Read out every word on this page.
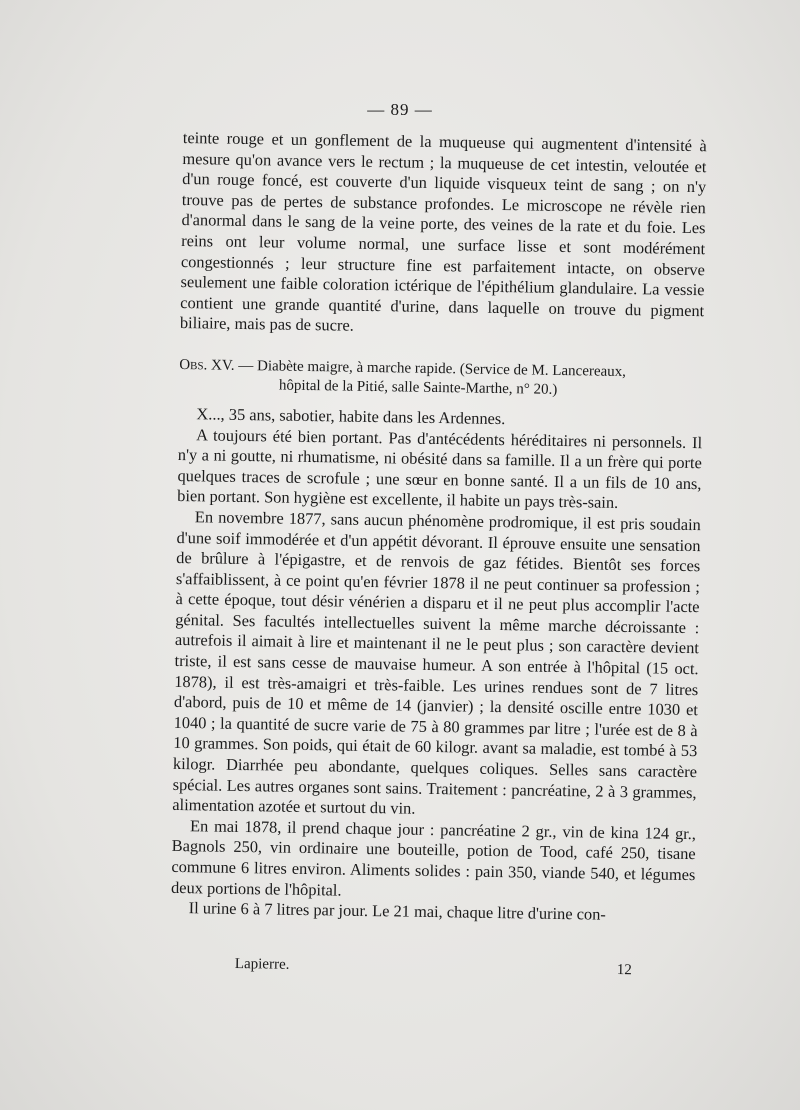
— 89 —

teinte rouge et un gonflement de la muqueuse qui augmentent d'intensité à mesure qu'on avance vers le rectum ; la muqueuse de cet intestin, veloutée et d'un rouge foncé, est couverte d'un liquide visqueux teint de sang ; on n'y trouve pas de pertes de substance profondes. Le microscope ne révèle rien d'anormal dans le sang de la veine porte, des veines de la rate et du foie. Les reins ont leur volume normal, une surface lisse et sont modérément congestionnés ; leur structure fine est parfaitement intacte, on observe seulement une faible coloration ictérique de l'épithélium glandulaire. La vessie contient une grande quantité d'urine, dans laquelle on trouve du pigment biliaire, mais pas de sucre.

Obs. XV. — Diabète maigre, à marche rapide. (Service de M. Lancereaux,
hôpital de la Pitié, salle Sainte-Marthe, n° 20.)

X..., 35 ans, sabotier, habite dans les Ardennes.

A toujours été bien portant. Pas d'antécédents héréditaires ni personnels. Il n'y a ni goutte, ni rhumatisme, ni obésité dans sa famille. Il a un frère qui porte quelques traces de scrofule ; une sœur en bonne santé. Il a un fils de 10 ans, bien portant. Son hygiène est excellente, il habite un pays très-sain.

En novembre 1877, sans aucun phénomène prodromique, il est pris soudain d'une soif immodérée et d'un appétit dévorant. Il éprouve ensuite une sensation de brûlure à l'épigastre, et de renvois de gaz fétides. Bientôt ses forces s'affaiblissent, à ce point qu'en février 1878 il ne peut continuer sa profession ; à cette époque, tout désir vénérien a disparu et il ne peut plus accomplir l'acte génital. Ses facultés intellectuelles suivent la même marche décroissante : autrefois il aimait à lire et maintenant il ne le peut plus ; son caractère devient triste, il est sans cesse de mauvaise humeur. A son entrée à l'hôpital (15 oct. 1878), il est très-amaigri et très-faible. Les urines rendues sont de 7 litres d'abord, puis de 10 et même de 14 (janvier) ; la densité oscille entre 1030 et 1040 ; la quantité de sucre varie de 75 à 80 grammes par litre ; l'urée est de 8 à 10 grammes. Son poids, qui était de 60 kilogr. avant sa maladie, est tombé à 53 kilogr. Diarrhée peu abondante, quelques coliques. Selles sans caractère spécial. Les autres organes sont sains. Traitement : pancréatine, 2 à 3 grammes, alimentation azotée et surtout du vin.

En mai 1878, il prend chaque jour : pancréatine 2 gr., vin de kina 124 gr., Bagnols 250, vin ordinaire une bouteille, potion de Tood, café 250, tisane commune 6 litres environ. Aliments solides : pain 350, viande 540, et légumes deux portions de l'hôpital.

Il urine 6 à 7 litres par jour. Le 21 mai, chaque litre d'urine con-

Lapierre.	12
